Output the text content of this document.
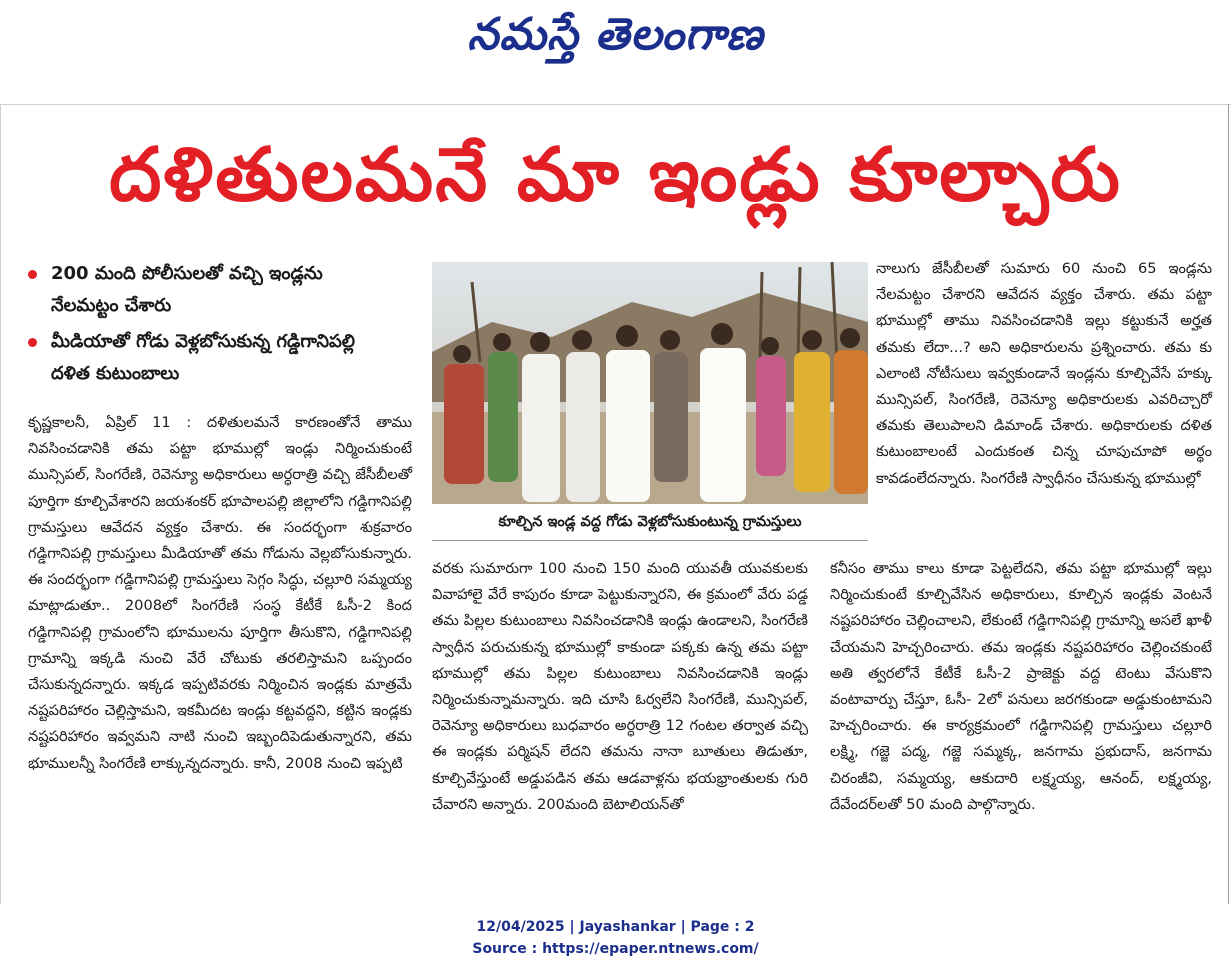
నమస్తే తెలంగాణ
దళితులమనే మా ఇండ్లు కూల్చారు
200 మంది పోలీసులతో వచ్చి ఇండ్లను నేలమట్టం చేశారు
మీడియాతో గోడు వెళ్లబోసుకున్న గడ్డిగానిపల్లి దళిత కుటుంబాలు

కృష్ణకాలనీ, ఏప్రిల్ 11 : దళితులమనే కారణంతోనే తాము నివసించడానికి తమ పట్టా భూముల్లో ఇండ్లు నిర్మించుకుంటే మున్సిపల్, సింగరేణి, రెవెన్యూ అధికారులు అర్ధరాత్రి వచ్చి జేసీబీలతో పూర్తిగా కూల్చివేశారని జయశంకర్ భూపాలపల్లి జిల్లాలోని గడ్డిగానిపల్లి గ్రామస్తులు ఆవేదన వ్యక్తం చేశారు. ఈ సందర్భంగా శుక్రవారం గడ్డిగానిపల్లి గ్రామస్తులు మీడియాతో తమ గోడును వెల్లబోసుకున్నారు. ఈ సందర్భంగా గడ్డిగానిపల్లి గ్రామస్తులు సెగ్గం సిద్ధు, చల్లూరి సమ్మయ్య మాట్లాడుతూ.. 2008లో సింగరేణి సంస్థ కేటీకే ఓసీ-2 కింద గడ్డిగానిపల్లి గ్రామంలోని భూములను పూర్తిగా తీసుకొని, గడ్డిగానిపల్లి గ్రామాన్ని ఇక్కడి నుంచి వేరే చోటుకు తరలిస్తామని ఒప్పందం చేసుకున్నదన్నారు. ఇక్కడ ఇప్పటివరకు నిర్మించిన ఇండ్లకు మాత్రమే నష్టపరిహారం చెల్లిస్తామని, ఇకమీదట ఇండ్లు కట్టవద్దని, కట్టిన ఇండ్లకు నష్టపరిహారం ఇవ్వమని నాటి నుంచి ఇబ్బందిపెడుతున్నారని, తమ భూములన్నీ సింగరేణి లాక్కున్నదన్నారు. కానీ, 2008 నుంచి ఇప్పటి

కూల్చిన ఇండ్ల వద్ద గోడు వెళ్లబోసుకుంటున్న గ్రామస్తులు

వరకు సుమారుగా 100 నుంచి 150 మంది యువతీ యువకులకు వివాహాలై వేరే కాపురం కూడా పెట్టుకున్నారని, ఈ క్రమంలో వేరు పడ్డ తమ పిల్లల కుటుంబాలు నివసించడానికి ఇండ్లు ఉండాలని, సింగరేణి స్వాధీన పరుచుకున్న భూముల్లో కాకుండా పక్కకు ఉన్న తమ పట్టా భూముల్లో తమ పిల్లల కుటుంబాలు నివసించడానికి ఇండ్లు నిర్మించుకున్నామన్నారు. ఇది చూసి ఓర్వలేని సింగరేణి, మున్సిపల్, రెవెన్యూ అధికారులు బుధవారం అర్ధరాత్రి 12 గంటల తర్వాత వచ్చి ఈ ఇండ్లకు పర్మిషన్ లేదని తమను నానా బూతులు తిడుతూ, కూల్చివేస్తుంటే అడ్డుపడిన తమ ఆడవాళ్లను భయభ్రాంతులకు గురి చేవారని అన్నారు. 200మంది బెటాలియన్‌తో

నాలుగు జేసీబీలతో సుమారు 60 నుంచి 65 ఇండ్లను నేలమట్టం చేశారని ఆవేదన వ్యక్తం చేశారు. తమ పట్టా భూముల్లో తాము నివసించడానికి ఇల్లు కట్టుకునే అర్హత తమకు లేదా...? అని అధికారులను ప్రశ్నించారు. తమ కు ఎలాంటి నోటీసులు ఇవ్వకుండానే ఇండ్లను కూల్చివేసే హక్కు మున్సిపల్, సింగరేణి, రెవెన్యూ అధికారులకు ఎవరిచ్చారో తమకు తెలుపాలని డిమాండ్ చేశారు. అధికారులకు దళిత కుటుంబాలంటే ఎందుకంత చిన్న చూపుచూపో అర్థం కావడంలేదన్నారు. సింగరేణి స్వాధీనం చేసుకున్న భూముల్లో

కనీసం తాము కాలు కూడా పెట్టలేదని, తమ పట్టా భూముల్లో ఇల్లు నిర్మించుకుంటే కూల్చివేసిన అధికారులు, కూల్చిన ఇండ్లకు వెంటనే నష్టపరిహారం చెల్లించాలని, లేకుంటే గడ్డిగానిపల్లి గ్రామాన్ని అసలే ఖాళీ చేయమని హెచ్చరించారు. తమ ఇండ్లకు నష్టపరిహారం చెల్లించకుంటే అతి త్వరలోనే కేటీకే ఓసీ-2 ప్రాజెక్టు వద్ద టెంటు వేసుకొని వంటావార్పు చేస్తూ, ఓసీ- 2లో పనులు జరగకుండా అడ్డుకుంటామని హెచ్చరించారు. ఈ కార్యక్రమంలో గడ్డిగానిపల్లి గ్రామస్తులు చల్లూరి లక్ష్మి, గజ్జె పద్మ, గజ్జె సమ్మక్క, జనగామ ప్రభుదాస్, జనగామ చిరంజీవి, సమ్మయ్య, ఆకుదారి లక్ష్మయ్య, ఆనంద్, లక్ష్మయ్య, దేవేందర్‌లతో 50 మంది పాల్గొన్నారు.

12/04/2025 | Jayashankar | Page : 2
Source : https://epaper.ntnews.com/
